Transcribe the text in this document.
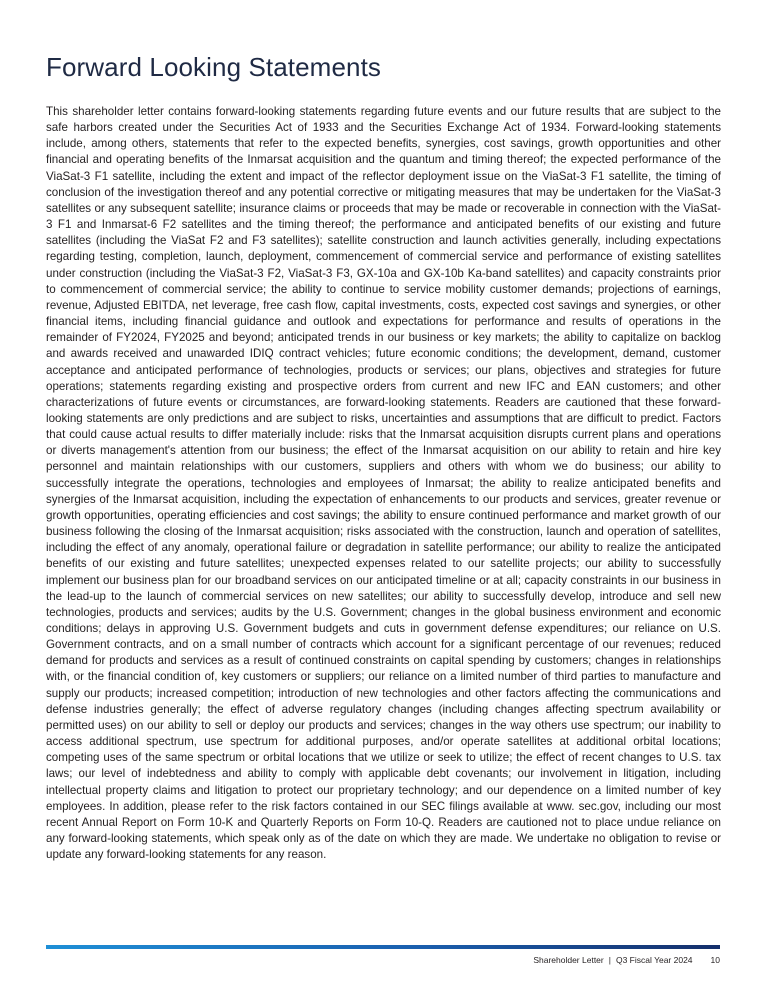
Forward Looking Statements

This shareholder letter contains forward-looking statements regarding future events and our future results that are subject to the safe harbors created under the Securities Act of 1933 and the Securities Exchange Act of 1934. Forward-looking statements include, among others, statements that refer to the expected benefits, synergies, cost savings, growth opportunities and other financial and operating benefits of the Inmarsat acquisition and the quantum and timing thereof; the expected performance of the ViaSat-3 F1 satellite, including the extent and impact of the reflector deployment issue on the ViaSat-3 F1 satellite, the timing of conclusion of the investigation thereof and any potential corrective or mitigating measures that may be undertaken for the ViaSat-3 satellites or any subsequent satellite; insurance claims or proceeds that may be made or recoverable in connection with the ViaSat-3 F1 and Inmarsat-6 F2 satellites and the timing thereof; the performance and anticipated benefits of our existing and future satellites (including the ViaSat F2 and F3 satellites); satellite construction and launch activities generally, including expectations regarding testing, completion, launch, deployment, commencement of commercial service and performance of existing satellites under construction (including the ViaSat-3 F2, ViaSat-3 F3, GX-10a and GX-10b Ka-band satellites) and capacity constraints prior to commencement of commercial service; the ability to continue to service mobility customer demands; projections of earnings, revenue, Adjusted EBITDA, net leverage, free cash flow, capital investments, costs, expected cost savings and synergies, or other financial items, including financial guidance and outlook and expectations for performance and results of operations in the remainder of FY2024, FY2025 and beyond; anticipated trends in our business or key markets; the ability to capitalize on backlog and awards received and unawarded IDIQ contract vehicles; future economic conditions; the development, demand, customer acceptance and anticipated performance of technologies, products or services; our plans, objectives and strategies for future operations; statements regarding existing and prospective orders from current and new IFC and EAN customers; and other characterizations of future events or circumstances, are forward-looking statements. Readers are cautioned that these forward-looking statements are only predictions and are subject to risks, uncertainties and assumptions that are difficult to predict. Factors that could cause actual results to differ materially include: risks that the Inmarsat acquisition disrupts current plans and operations or diverts management's attention from our business; the effect of the Inmarsat acquisition on our ability to retain and hire key personnel and maintain relationships with our customers, suppliers and others with whom we do business; our ability to successfully integrate the operations, technologies and employees of Inmarsat; the ability to realize anticipated benefits and synergies of the Inmarsat acquisition, including the expectation of enhancements to our products and services, greater revenue or growth opportunities, operating efficiencies and cost savings; the ability to ensure continued performance and market growth of our business following the closing of the Inmarsat acquisition; risks associated with the construction, launch and operation of satellites, including the effect of any anomaly, operational failure or degradation in satellite performance; our ability to realize the anticipated benefits of our existing and future satellites; unexpected expenses related to our satellite projects; our ability to successfully implement our business plan for our broadband services on our anticipated timeline or at all; capacity constraints in our business in the lead-up to the launch of commercial services on new satellites; our ability to successfully develop, introduce and sell new technologies, products and services; audits by the U.S. Government; changes in the global business environment and economic conditions; delays in approving U.S. Government budgets and cuts in government defense expenditures; our reliance on U.S. Government contracts, and on a small number of contracts which account for a significant percentage of our revenues; reduced demand for products and services as a result of continued constraints on capital spending by customers; changes in relationships with, or the financial condition of, key customers or suppliers; our reliance on a limited number of third parties to manufacture and supply our products; increased competition; introduction of new technologies and other factors affecting the communications and defense industries generally; the effect of adverse regulatory changes (including changes affecting spectrum availability or permitted uses) on our ability to sell or deploy our products and services; changes in the way others use spectrum; our inability to access additional spectrum, use spectrum for additional purposes, and/or operate satellites at additional orbital locations; competing uses of the same spectrum or orbital locations that we utilize or seek to utilize; the effect of recent changes to U.S. tax laws; our level of indebtedness and ability to comply with applicable debt covenants; our involvement in litigation, including intellectual property claims and litigation to protect our proprietary technology; and our dependence on a limited number of key employees. In addition, please refer to the risk factors contained in our SEC filings available at www. sec.gov, including our most recent Annual Report on Form 10-K and Quarterly Reports on Form 10-Q. Readers are cautioned not to place undue reliance on any forward-looking statements, which speak only as of the date on which they are made. We undertake no obligation to revise or update any forward-looking statements for any reason.

Shareholder Letter | Q3 Fiscal Year 2024 10
